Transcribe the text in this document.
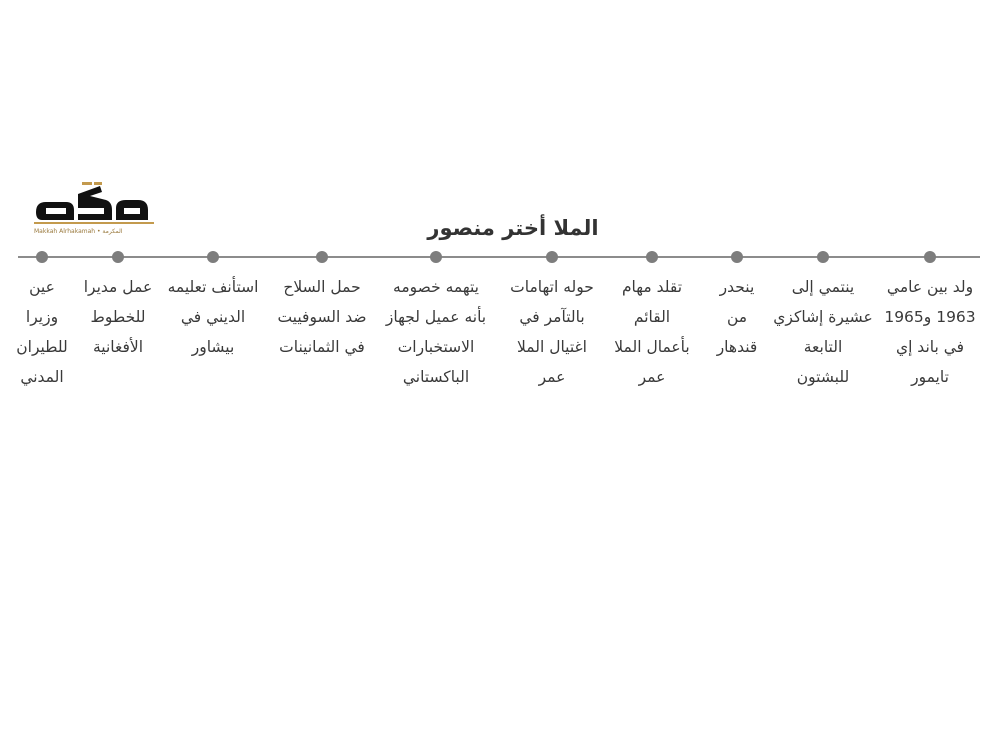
Makkah Alrhakamah • المكرمة	الملا أختر منصور
ولد بين عامي
1963 و1965
في باند إي
تايمور
ينتمي إلى
عشيرة إشاكزي
التابعة
للبشتون
ينحدر
من
قندهار
تقلد مهام
القائم
بأعمال الملا
عمر
حوله اتهامات
بالتآمر في
اغتيال الملا
عمر
يتهمه خصومه
بأنه عميل لجهاز
الاستخبارات
الباكستاني
حمل السلاح
ضد السوفييت
في الثمانينات
استأنف تعليمه
الديني في
بيشاور
عمل مديرا
للخطوط
الأفغانية
عين
وزيرا
للطيران
المدني
